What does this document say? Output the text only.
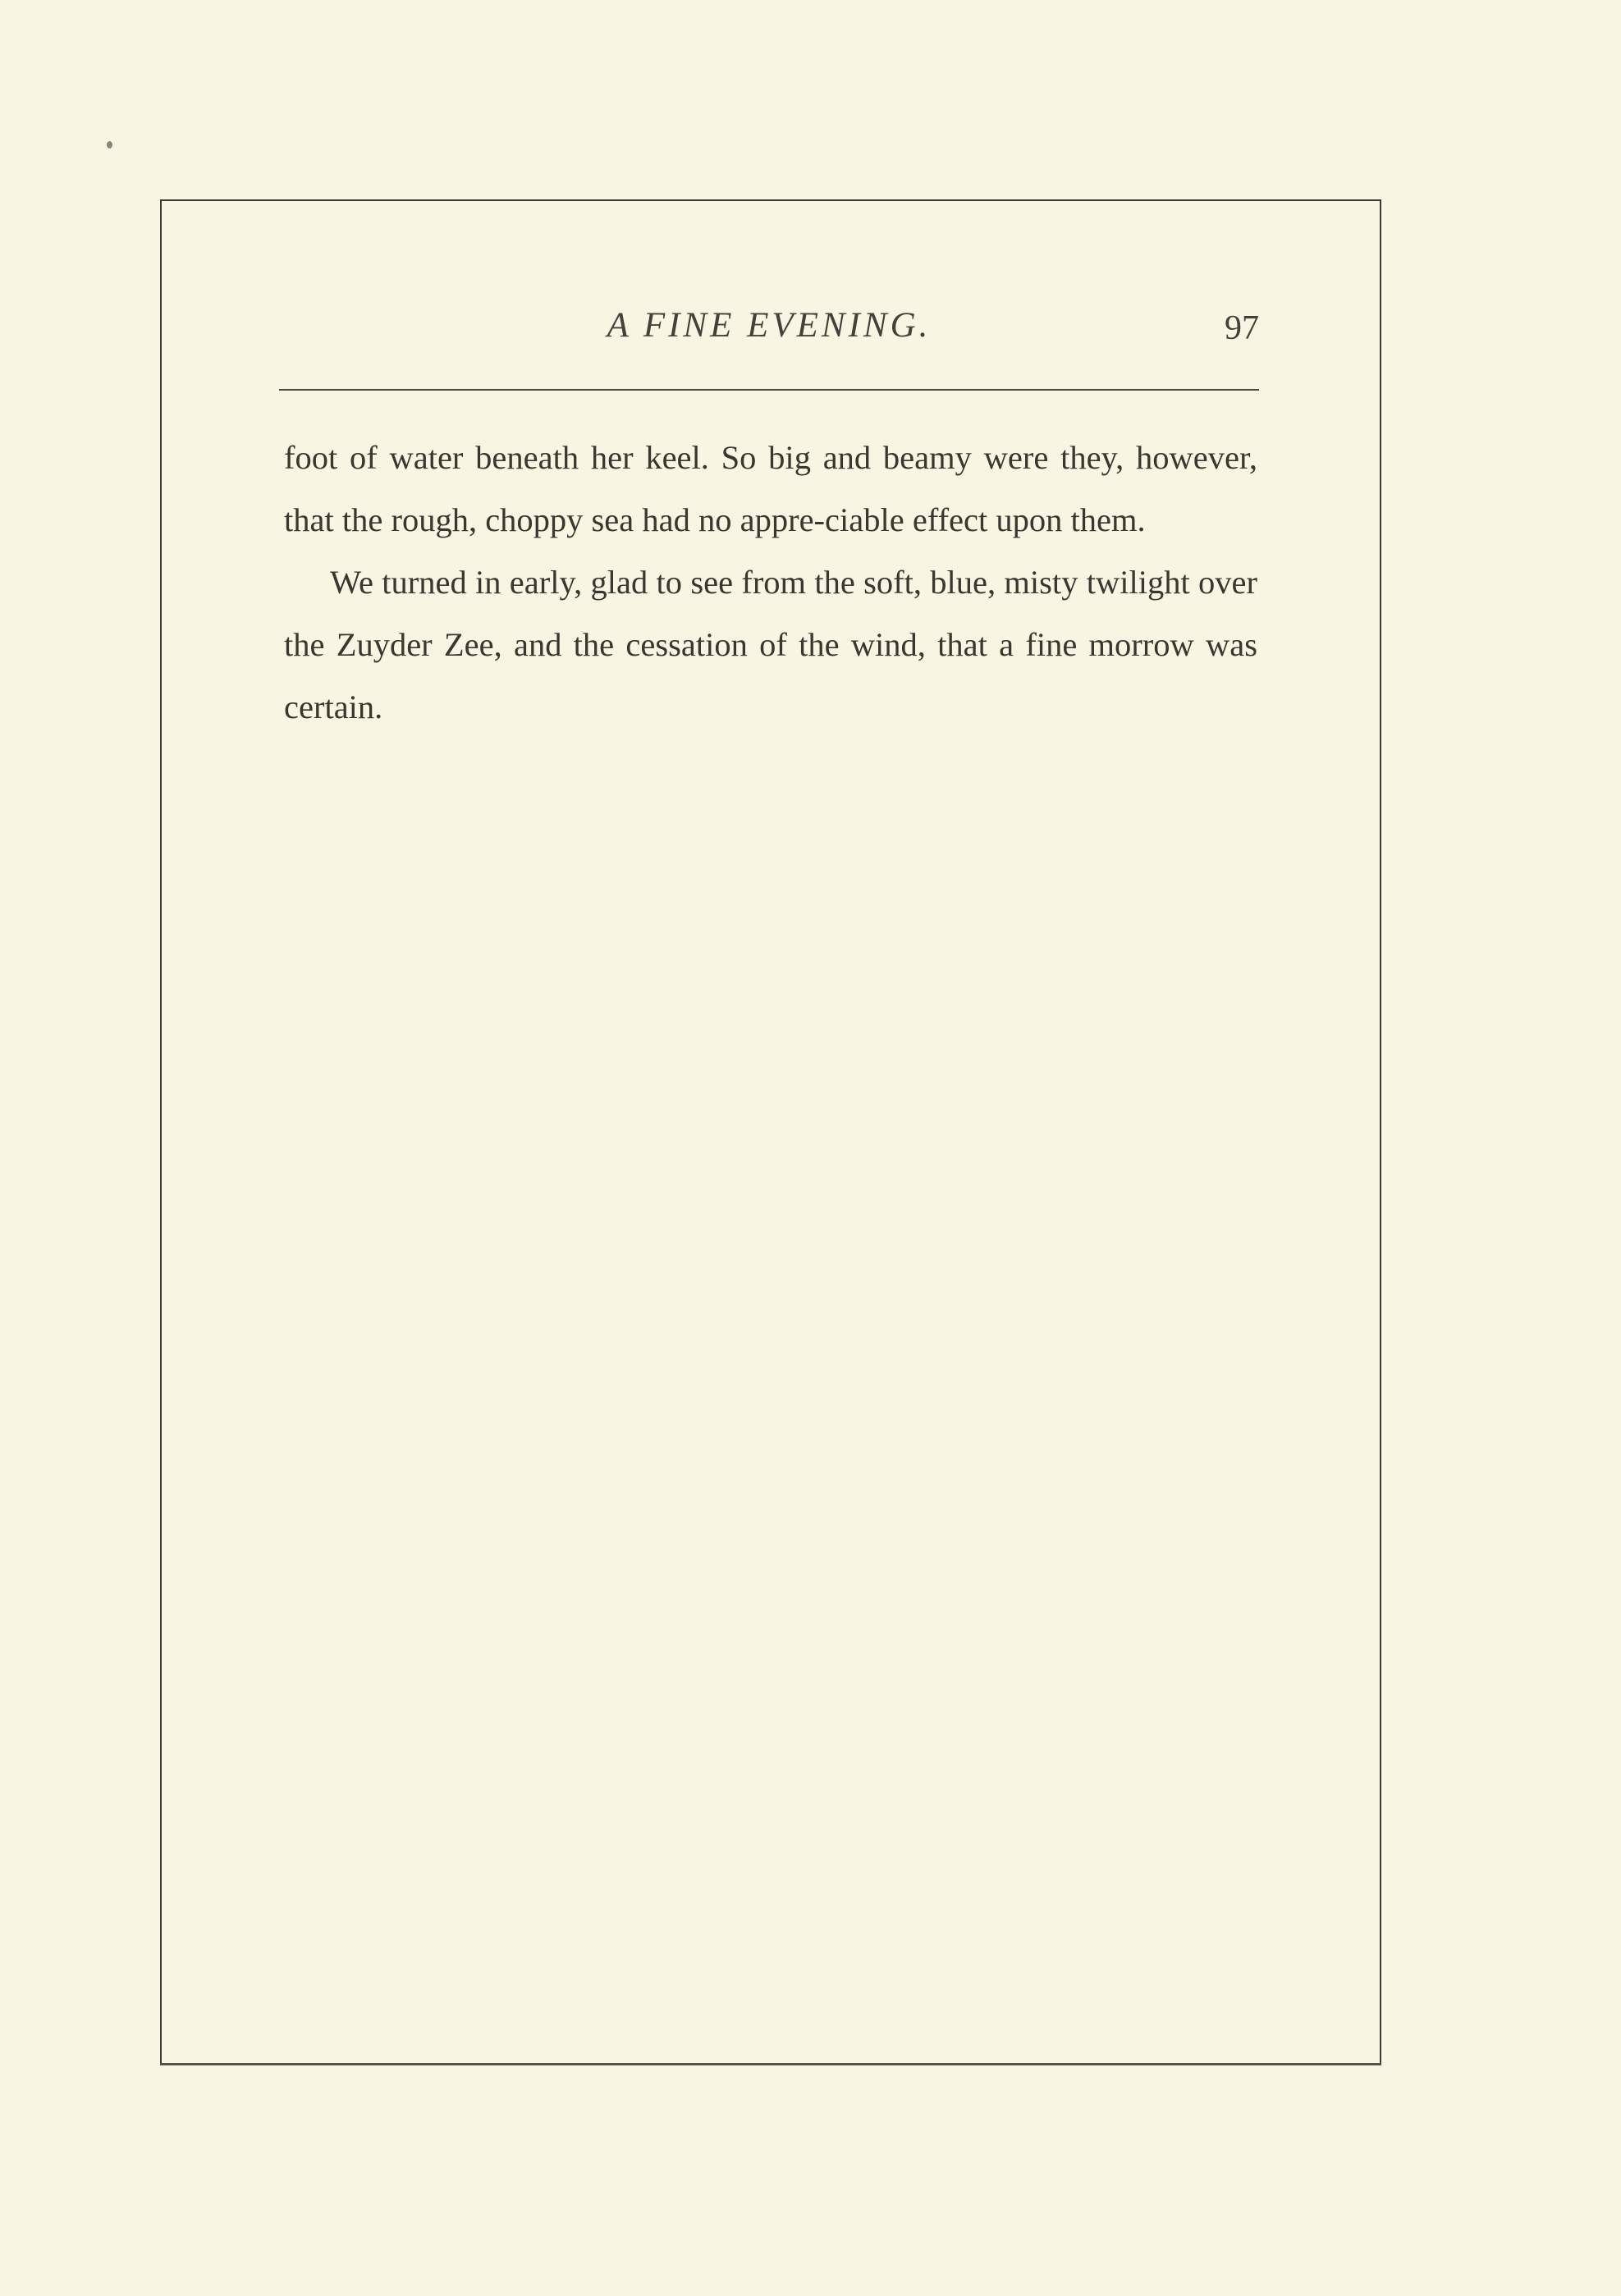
A FINE EVENING.	97

foot of water beneath her keel. So big and beamy were they, however, that the rough, choppy sea had no appre-ciable effect upon them.

We turned in early, glad to see from the soft, blue, misty twilight over the Zuyder Zee, and the cessation of the wind, that a fine morrow was certain.
